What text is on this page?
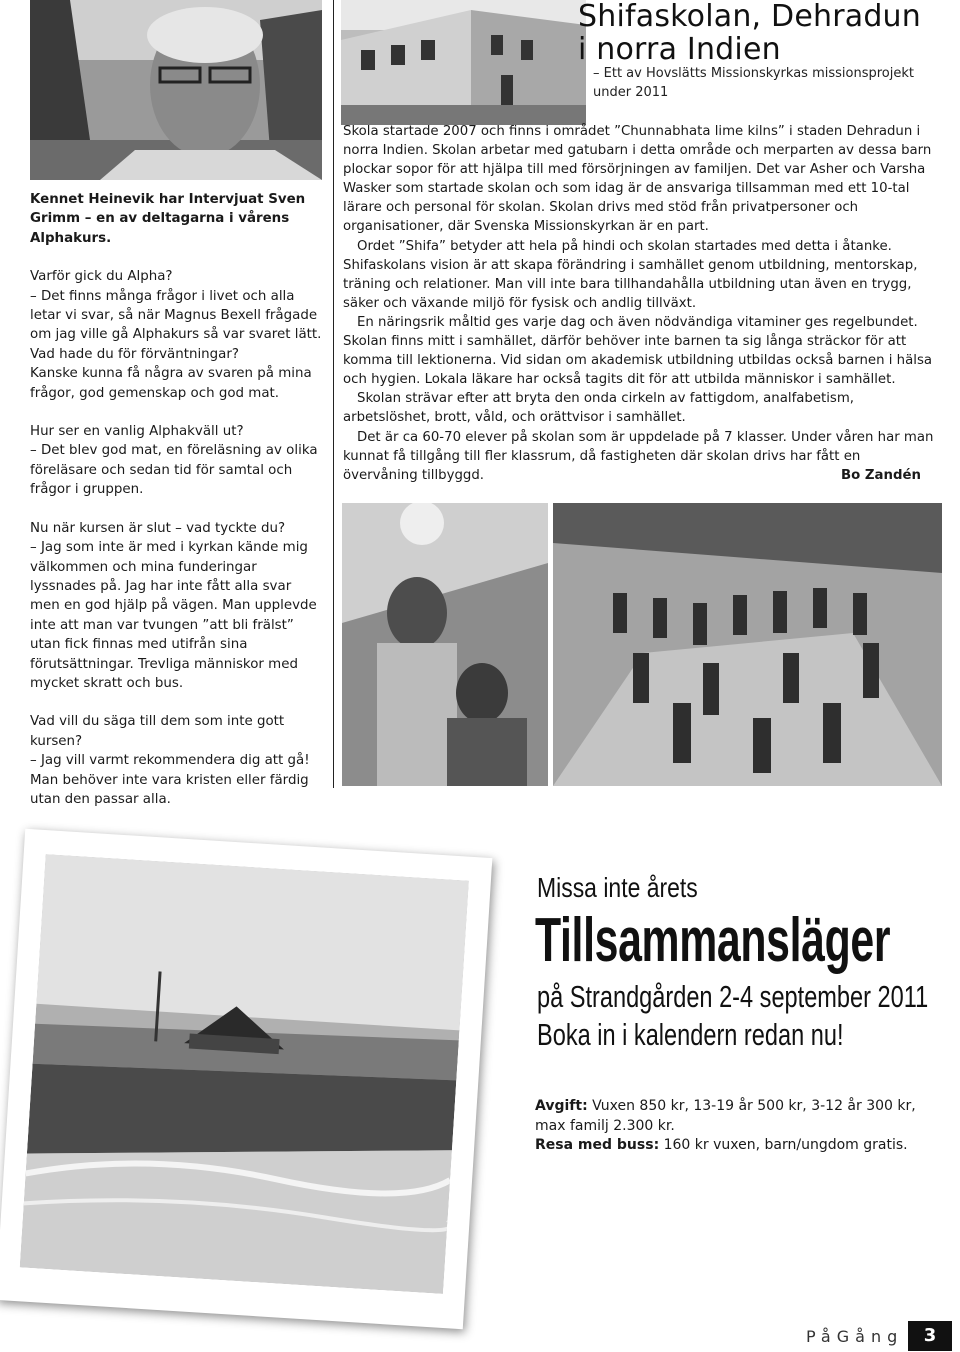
Shifaskolan, Dehradun i norra Indien
– Ett av Hovslätts Missionskyrkas missionsprojekt under 2011

Kennet Heinevik har Intervjuat Sven Grimm – en av deltagarna i vårens Alphakurs.

Varför gick du Alpha?

– Det finns många frågor i livet och alla letar vi svar, så när Magnus Bexell frågade om jag ville gå Alphakurs så var svaret lätt.

Vad hade du för förväntningar?

Kanske kunna få några av svaren på mina frågor, god gemenskap och god mat.

Hur ser en vanlig Alphakväll ut?

– Det blev god mat, en föreläsning av olika föreläsare och sedan tid för samtal och frågor i gruppen.

Nu när kursen är slut – vad tyckte du?

– Jag som inte är med i kyrkan kände mig välkommen och mina funderingar lyssnades på. Jag har inte fått alla svar men en god hjälp på vägen. Man upplevde inte att man var tvungen ”att bli frälst” utan fick finnas med utifrån sina förutsättningar. Trevliga människor med mycket skratt och bus.

Vad vill du säga till dem som inte gott kursen?

– Jag vill varmt rekommendera dig att gå! Man behöver inte vara kristen eller färdig utan den passar alla.

Skola startade 2007 och finns i området ”Chunnabhata lime kilns” i staden Dehradun i norra Indien. Skolan arbetar med gatubarn i detta område och merparten av dessa barn plockar sopor för att hjälpa till med försörjningen av familjen. Det var Asher och Varsha Wasker som startade skolan och som idag är de ansvariga tillsamman med ett 10-tal lärare och personal för skolan. Skolan drivs med stöd från privatpersoner och organisationer, där Svenska Missionskyrkan är en part.

Ordet ”Shifa” betyder att hela på hindi och skolan startades med detta i åtanke. Shifaskolans vision är att skapa förändring i samhället genom utbildning, mentorskap, träning och relationer. Man vill inte bara tillhandahålla utbildning utan även en trygg, säker och växande miljö för fysisk och andlig tillväxt.

En näringsrik måltid ges varje dag och även nödvändiga vitaminer ges regelbundet. Skolan finns mitt i samhället, därför behöver inte barnen ta sig långa sträckor för att komma till lektionerna. Vid sidan om akademisk utbildning utbildas också barnen i hälsa och hygien. Lokala läkare har också tagits dit för att utbilda människor i samhället.

Skolan strävar efter att bryta den onda cirkeln av fattigdom, analfabetism, arbetslöshet, brott, våld, och orättvisor i samhället.

Det är ca 60-70 elever på skolan som är uppdelade på 7 klasser. Under våren har man kunnat få tillgång till fler klassrum, då fastigheten där skolan drivs har fått en övervåning tillbyggd.	Bo Zandén

Missa inte årets
Tillsammansläger
på Strandgården 2-4 september 2011
Boka in i kalendern redan nu!
Avgift: Vuxen 850 kr, 13-19 år 500 kr, 3-12 år 300 kr, max familj 2.300 kr.
Resa med buss: 160 kr vuxen, barn/ungdom gratis.
PåGång	3
